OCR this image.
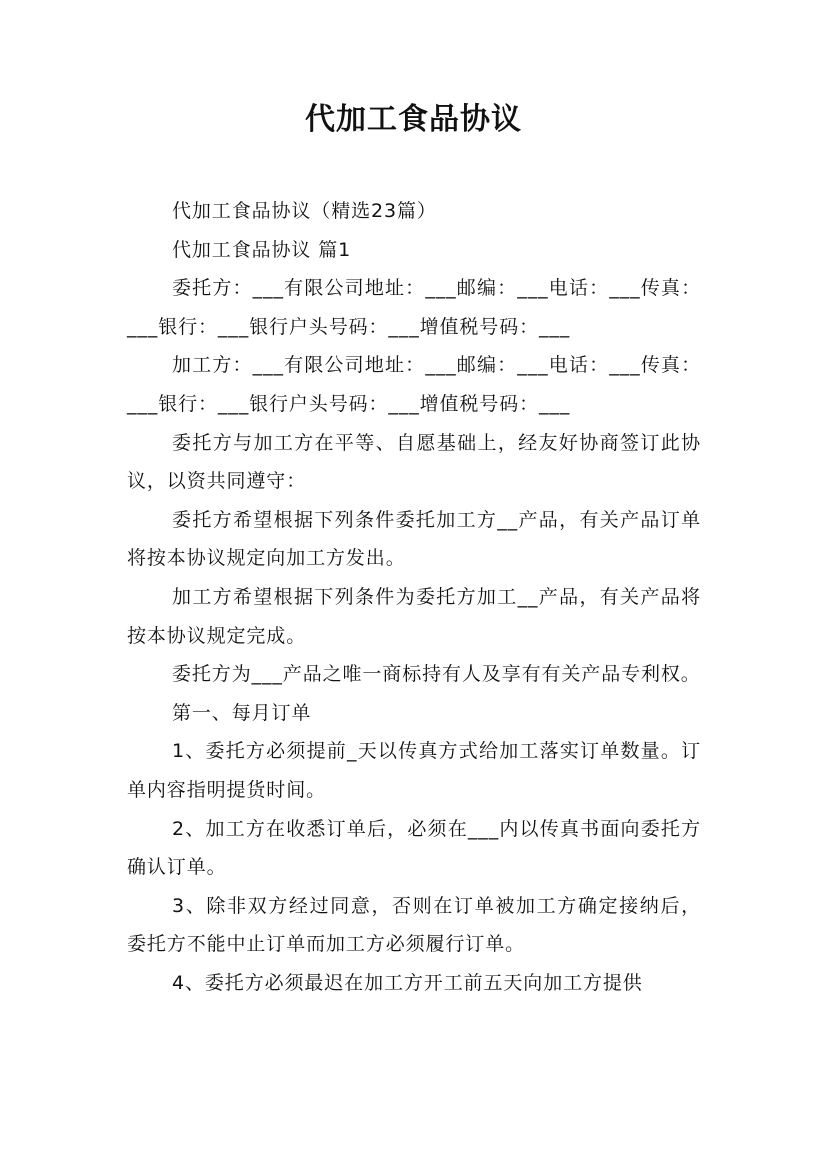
代加工食品协议

代加工食品协议（精选23篇）

代加工食品协议 篇1

委托方：___有限公司地址：___邮编：___电话：___传真：___银行：___银行户头号码：___增值税号码：___

加工方：___有限公司地址：___邮编：___电话：___传真：___银行：___银行户头号码：___增值税号码：___

委托方与加工方在平等、自愿基础上，经友好协商签订此协议，以资共同遵守：

委托方希望根据下列条件委托加工方__产品，有关产品订单将按本协议规定向加工方发出。

加工方希望根据下列条件为委托方加工__产品，有关产品将按本协议规定完成。

委托方为___产品之唯一商标持有人及享有有关产品专利权。

第一、每月订单

1、委托方必须提前_天以传真方式给加工落实订单数量。订单内容指明提货时间。

2、加工方在收悉订单后，必须在___内以传真书面向委托方确认订单。

3、除非双方经过同意，否则在订单被加工方确定接纳后，委托方不能中止订单而加工方必须履行订单。

4、委托方必须最迟在加工方开工前五天向加工方提供
